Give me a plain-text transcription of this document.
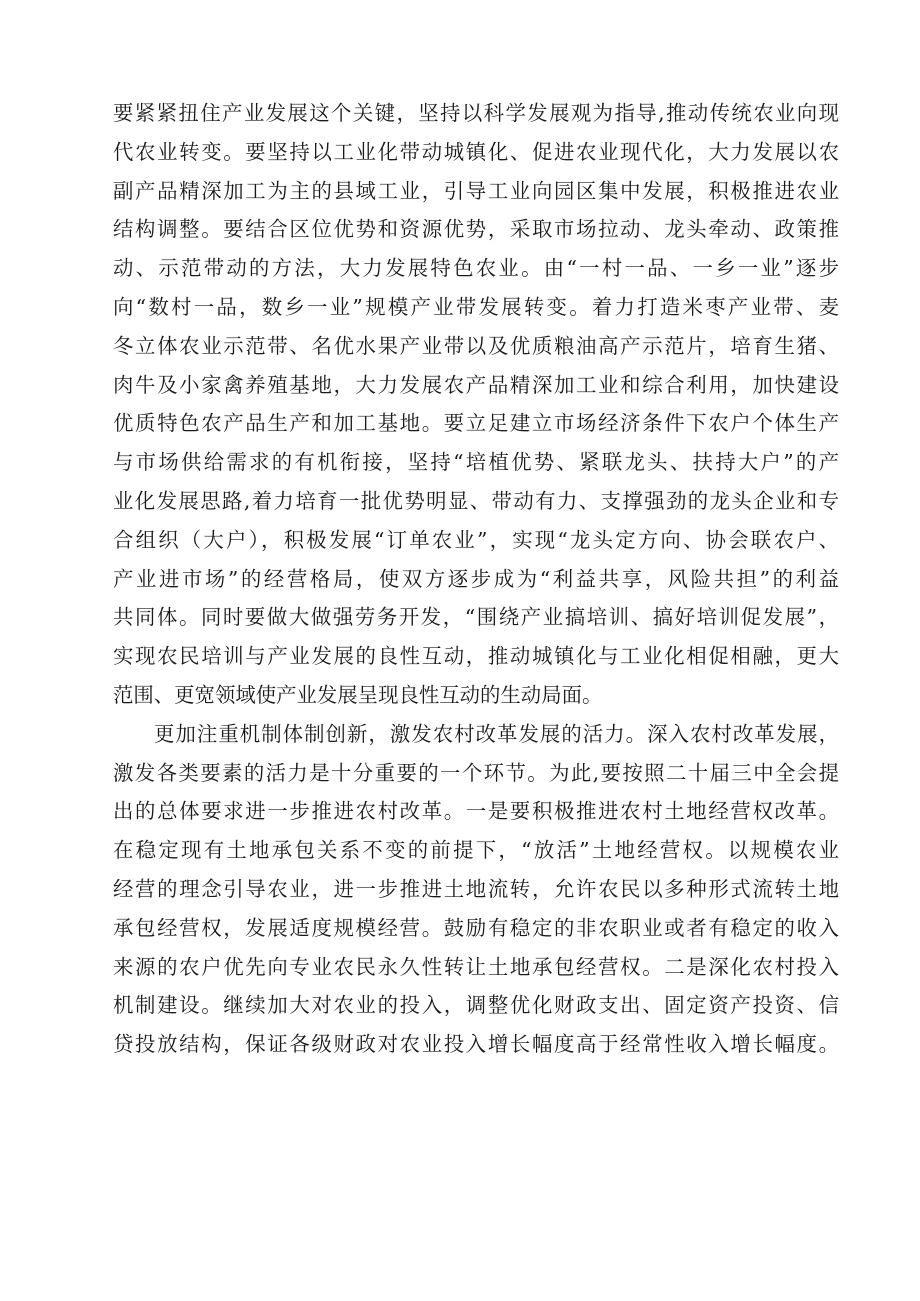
要紧紧扭住产业发展这个关键，坚持以科学发展观为指导,推动传统农业向现
代农业转变。要坚持以工业化带动城镇化、促进农业现代化，大力发展以农
副产品精深加工为主的县域工业，引导工业向园区集中发展，积极推进农业
结构调整。要结合区位优势和资源优势，采取市场拉动、龙头牵动、政策推
动、示范带动的方法，大力发展特色农业。由“一村一品、一乡一业”逐步
向“数村一品，数乡一业”规模产业带发展转变。着力打造米枣产业带、麦
冬立体农业示范带、名优水果产业带以及优质粮油高产示范片，培育生猪、
肉牛及小家禽养殖基地，大力发展农产品精深加工业和综合利用，加快建设
优质特色农产品生产和加工基地。要立足建立市场经济条件下农户个体生产
与市场供给需求的有机衔接，坚持“培植优势、紧联龙头、扶持大户”的产
业化发展思路,着力培育一批优势明显、带动有力、支撑强劲的龙头企业和专
合组织（大户），积极发展“订单农业”，实现“龙头定方向、协会联农户、
产业进市场”的经营格局，使双方逐步成为“利益共享，风险共担”的利益
共同体。同时要做大做强劳务开发，“围绕产业搞培训、搞好培训促发展”，
实现农民培训与产业发展的良性互动，推动城镇化与工业化相促相融，更大
范围、更宽领域使产业发展呈现良性互动的生动局面。
更加注重机制体制创新，激发农村改革发展的活力。深入农村改革发展，
激发各类要素的活力是十分重要的一个环节。为此,要按照二十届三中全会提
出的总体要求进一步推进农村改革。一是要积极推进农村土地经营权改革。
在稳定现有土地承包关系不变的前提下，“放活”土地经营权。以规模农业
经营的理念引导农业，进一步推进土地流转，允许农民以多种形式流转土地
承包经营权，发展适度规模经营。鼓励有稳定的非农职业或者有稳定的收入
来源的农户优先向专业农民永久性转让土地承包经营权。二是深化农村投入
机制建设。继续加大对农业的投入，调整优化财政支出、固定资产投资、信
贷投放结构，保证各级财政对农业投入增长幅度高于经常性收入增长幅度。
